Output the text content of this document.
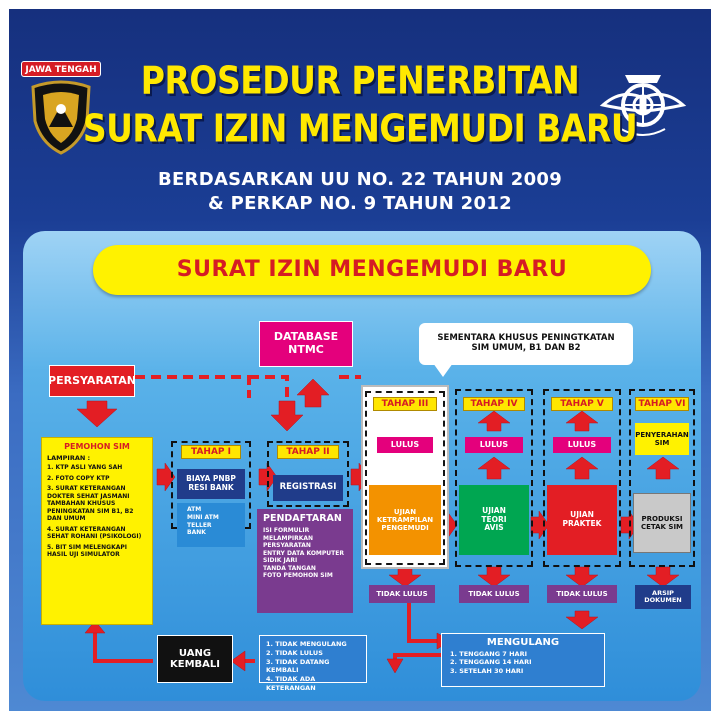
JAWA TENGAH	PROSEDUR PENERBITAN
SURAT IZIN MENGEMUDI BARU
BERDASARKAN UU NO. 22 TAHUN 2009
& PERKAP NO. 9 TAHUN 2012
SURAT IZIN MENGEMUDI BARU
DATABASE
NTMC
SEMENTARA KHUSUS PENINGTKATAN
SIM UMUM, B1 DAN B2
PERSYARATAN
PEMOHON SIM
LAMPIRAN :
1. KTP ASLI YANG SAH
2. FOTO COPY KTP
3. SURAT KETERANGAN DOKTER SEHAT JASMANI TAMBAHAN KHUSUS PENINGKATAN SIM B1, B2 DAN UMUM
4. SURAT KETERANGAN SEHAT ROHANI (PSIKOLOGI)
5. BIT SIM MELENGKAPI HASIL UJI SIMULATOR
TAHAP I
BIAYA PNBP
RESI BANK
ATM
MINI ATM
TELLER
BANK
TAHAP II
REGISTRASI
PENDAFTARAN
ISI FORMULIR
MELAMPIRKAN PERSYARATAN
ENTRY DATA KOMPUTER
SIDIK JARI
TANDA TANGAN
FOTO PEMOHON SIM
TAHAP III
LULUS
UJIAN
KETRAMPILAN
PENGEMUDI
TIDAK LULUS
TAHAP IV
LULUS
UJIAN
TEORI
AVIS
TIDAK LULUS
TAHAP V
LULUS
UJIAN
PRAKTEK
TIDAK LULUS
TAHAP VI
PENYERAHAN
SIM
PRODUKSI
CETAK SIM
ARSIP
DOKUMEN
UANG
KEMBALI
1. TIDAK MENGULANG
2. TIDAK LULUS
3. TIDAK DATANG KEMBALI
4. TIDAK ADA KETERANGAN
MENGULANG
1. TENGGANG 7 HARI
2. TENGGANG 14 HARI
3. SETELAH 30 HARI
